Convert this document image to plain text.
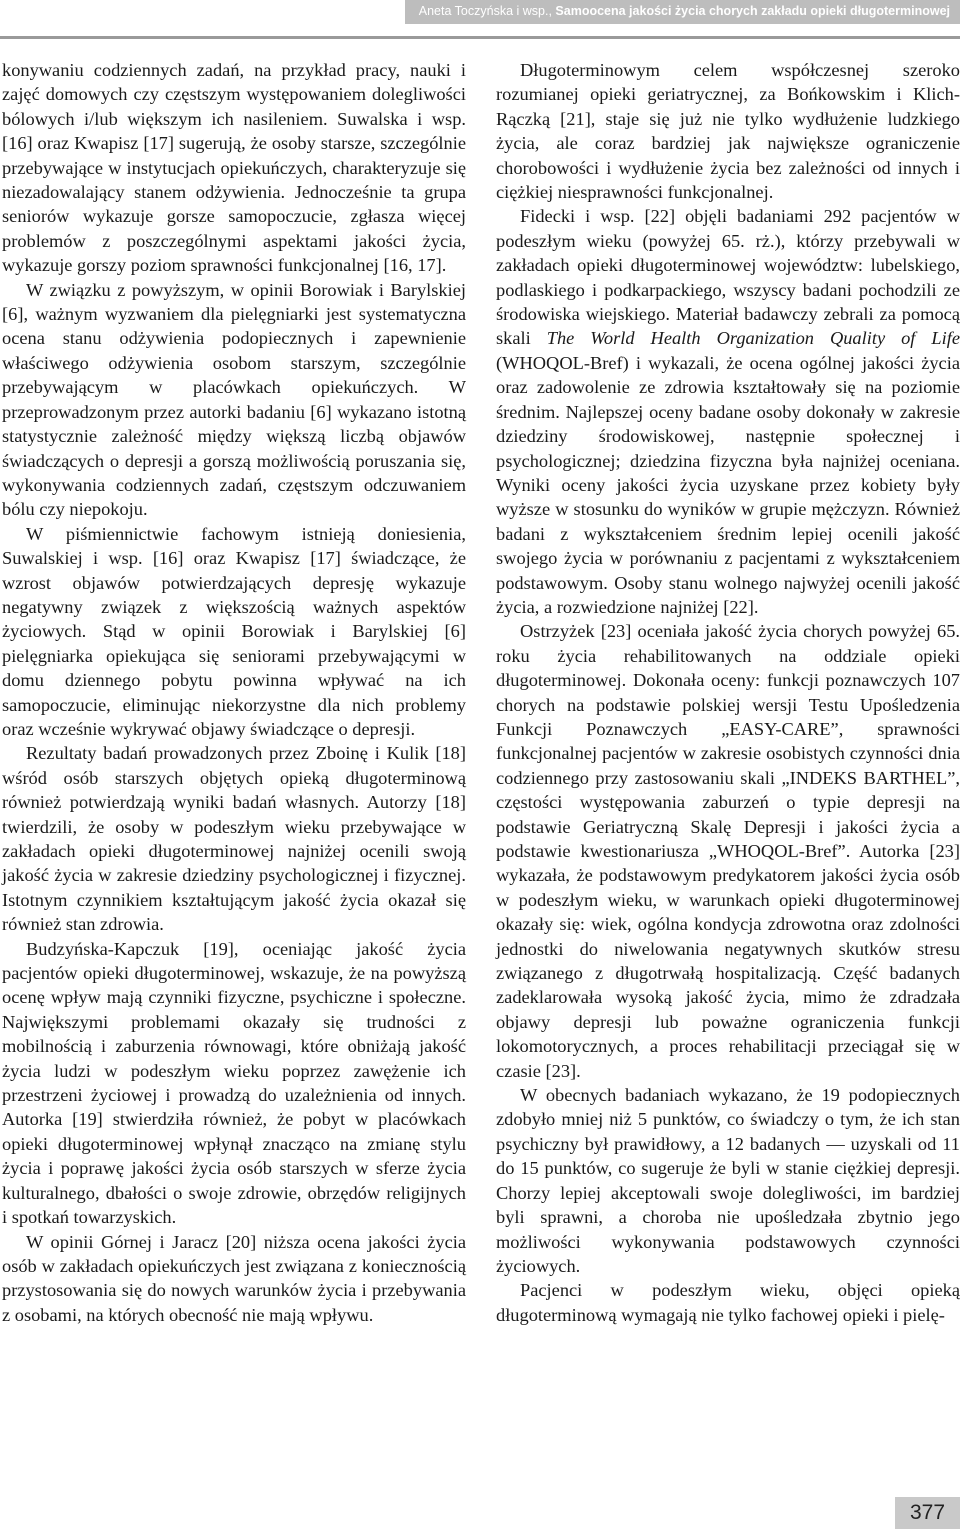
Aneta Toczyńska i wsp., Samoocena jakości życia chorych zakładu opieki długoterminowej

konywaniu codziennych zadań, na przykład pracy, nauki i zajęć domowych czy częstszym występowaniem dolegliwości bólowych i/lub większym ich nasileniem. Suwalska i wsp. [16] oraz Kwapisz [17] sugerują, że osoby starsze, szczególnie przebywające w instytucjach opiekuńczych, charakteryzuje się niezadowalający stanem odżywienia. Jednocześnie ta grupa seniorów wykazuje gorsze samopoczucie, zgłasza więcej problemów z poszczególnymi aspektami jakości życia, wykazuje gorszy poziom sprawności funkcjonalnej [16, 17].

W związku z powyższym, w opinii Borowiak i Barylskiej [6], ważnym wyzwaniem dla pielęgniarki jest systematyczna ocena stanu odżywienia podopiecznych i zapewnienie właściwego odżywienia osobom starszym, szczególnie przebywającym w placówkach opiekuńczych. W przeprowadzonym przez autorki badaniu [6] wykazano istotną statystycznie zależność między większą liczbą objawów świadczących o depresji a gorszą możliwością poruszania się, wykonywania codziennych zadań, częstszym odczuwaniem bólu czy niepokoju.

W piśmiennictwie fachowym istnieją doniesienia, Suwalskiej i wsp. [16] oraz Kwapisz [17] świadczące, że wzrost objawów potwierdzających depresję wykazuje negatywny związek z większością ważnych aspektów życiowych. Stąd w opinii Borowiak i Barylskiej [6] pielęgniarka opiekująca się seniorami przebywającymi w domu dziennego pobytu powinna wpływać na ich samopoczucie, eliminując niekorzystne dla nich problemy oraz wcześnie wykrywać objawy świadczące o depresji.

Rezultaty badań prowadzonych przez Zboinę i Kulik [18] wśród osób starszych objętych opieką długoterminową również potwierdzają wyniki badań własnych. Autorzy [18] twierdzili, że osoby w podeszłym wieku przebywające w zakładach opieki długoterminowej najniżej ocenili swoją jakość życia w zakresie dziedziny psychologicznej i fizycznej. Istotnym czynnikiem kształtującym jakość życia okazał się również stan zdrowia.

Budzyńska-Kapczuk [19], oceniając jakość życia pacjentów opieki długoterminowej, wskazuje, że na powyższą ocenę wpływ mają czynniki fizyczne, psychiczne i społeczne. Największymi problemami okazały się trudności z mobilnością i zaburzenia równowagi, które obniżają jakość życia ludzi w podeszłym wieku poprzez zawężenie ich przestrzeni życiowej i prowadzą do uzależnienia od innych. Autorka [19] stwierdziła również, że pobyt w placówkach opieki długoterminowej wpłynął znacząco na zmianę stylu życia i poprawę jakości życia osób starszych w sferze życia kulturalnego, dbałości o swoje zdrowie, obrzędów religijnych i spotkań towarzyskich.

W opinii Górnej i Jaracz [20] niższa ocena jakości życia osób w zakładach opiekuńczych jest związana z koniecznością przystosowania się do nowych warunków życia i przebywania z osobami, na których obecność nie mają wpływu.

Długoterminowym celem współczesnej szeroko rozumianej opieki geriatrycznej, za Bońkowskim i Klich-Rączką [21], staje się już nie tylko wydłużenie ludzkiego życia, ale coraz bardziej jak największe ograniczenie chorobowości i wydłużenie życia bez zależności od innych i ciężkiej niesprawności funkcjonalnej.

Fidecki i wsp. [22] objęli badaniami 292 pacjentów w podeszłym wieku (powyżej 65. rż.), którzy przebywali w zakładach opieki długoterminowej województw: lubelskiego, podlaskiego i podkarpackiego, wszyscy badani pochodzili ze środowiska wiejskiego. Materiał badawczy zebrali za pomocą skali The World Health Organization Quality of Life (WHOQOL-Bref) i wykazali, że ocena ogólnej jakości życia oraz zadowolenie ze zdrowia kształtowały się na poziomie średnim. Najlepszej oceny badane osoby dokonały w zakresie dziedziny środowiskowej, następnie społecznej i psychologicznej; dziedzina fizyczna była najniżej oceniana. Wyniki oceny jakości życia uzyskane przez kobiety były wyższe w stosunku do wyników w grupie mężczyzn. Również badani z wykształceniem średnim lepiej ocenili jakość swojego życia w porównaniu z pacjentami z wykształceniem podstawowym. Osoby stanu wolnego najwyżej ocenili jakość życia, a rozwiedzione najniżej [22].

Ostrzyżek [23] oceniała jakość życia chorych powyżej 65. roku życia rehabilitowanych na oddziale opieki długoterminowej. Dokonała oceny: funkcji poznawczych 107 chorych na podstawie polskiej wersji Testu Upośledzenia Funkcji Poznawczych „EASY-CARE”, sprawności funkcjonalnej pacjentów w zakresie osobistych czynności dnia codziennego przy zastosowaniu skali „INDEKS BARTHEL”, częstości występowania zaburzeń o typie depresji na podstawie Geriatryczną Skalę Depresji i jakości życia a podstawie kwestionariusza „WHOQOL-Bref”. Autorka [23] wykazała, że podstawowym predykatorem jakości życia osób w podeszłym wieku, w warunkach opieki długoterminowej okazały się: wiek, ogólna kondycja zdrowotna oraz zdolności jednostki do niwelowania negatywnych skutków stresu związanego z długotrwałą hospitalizacją. Część badanych zadeklarowała wysoką jakość życia, mimo że zdradzała objawy depresji lub poważne ograniczenia funkcji lokomotorycznych, a proces rehabilitacji przeciągał się w czasie [23].

W obecnych badaniach wykazano, że 19 podopiecznych zdobyło mniej niż 5 punktów, co świadczy o tym, że ich stan psychiczny był prawidłowy, a 12 badanych — uzyskali od 11 do 15 punktów, co sugeruje że byli w stanie ciężkiej depresji. Chorzy lepiej akceptowali swoje dolegliwości, im bardziej byli sprawni, a choroba nie upośledzała zbytnio jego możliwości wykonywania podstawowych czynności życiowych.

Pacjenci w podeszłym wieku, objęci opieką długoterminową wymagają nie tylko fachowej opieki i pielę-

377
